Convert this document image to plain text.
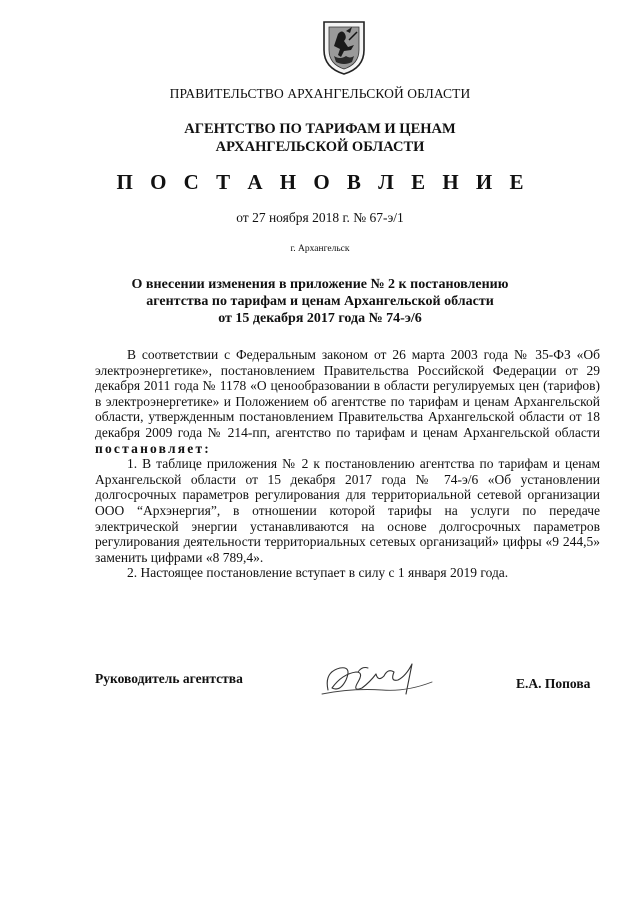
ПРАВИТЕЛЬСТВО АРХАНГЕЛЬСКОЙ ОБЛАСТИ
АГЕНТСТВО ПО ТАРИФАМ И ЦЕНАМ
АРХАНГЕЛЬСКОЙ ОБЛАСТИ
П О С Т А Н О В Л Е Н И Е
от 27 ноября 2018 г. № 67-э/1
г. Архангельск
О внесении изменения в приложение № 2 к постановлению
агентства по тарифам и ценам Архангельской области
от 15 декабря 2017 года № 74-э/6

В соответствии с Федеральным законом от 26 марта 2003 года № 35-ФЗ «Об электроэнергетике», постановлением Правительства Российской Федерации от 29 декабря 2011 года № 1178 «О ценообразовании в области регулируемых цен (тарифов) в электроэнергетике» и Положением об агентстве по тарифам и ценам Архангельской области, утвержденным постановлением Правительства Архангельской области от 18 декабря 2009 года № 214-пп, агентство по тарифам и ценам Архангельской области постановляет:

1. В таблице приложения № 2 к постановлению агентства по тарифам и ценам Архангельской области от 15 декабря 2017 года № 74-э/6 «Об установлении долгосрочных параметров регулирования для территориальной сетевой организации ООО “Архэнергия”, в отношении которой тарифы на услуги по передаче электрической энергии устанавливаются на основе долгосрочных параметров регулирования деятельности территориальных сетевых организаций» цифры «9 244,5» заменить цифрами «8 789,4».

2. Настоящее постановление вступает в силу с 1 января 2019 года.

Руководитель агентства	Е.А. Попова
